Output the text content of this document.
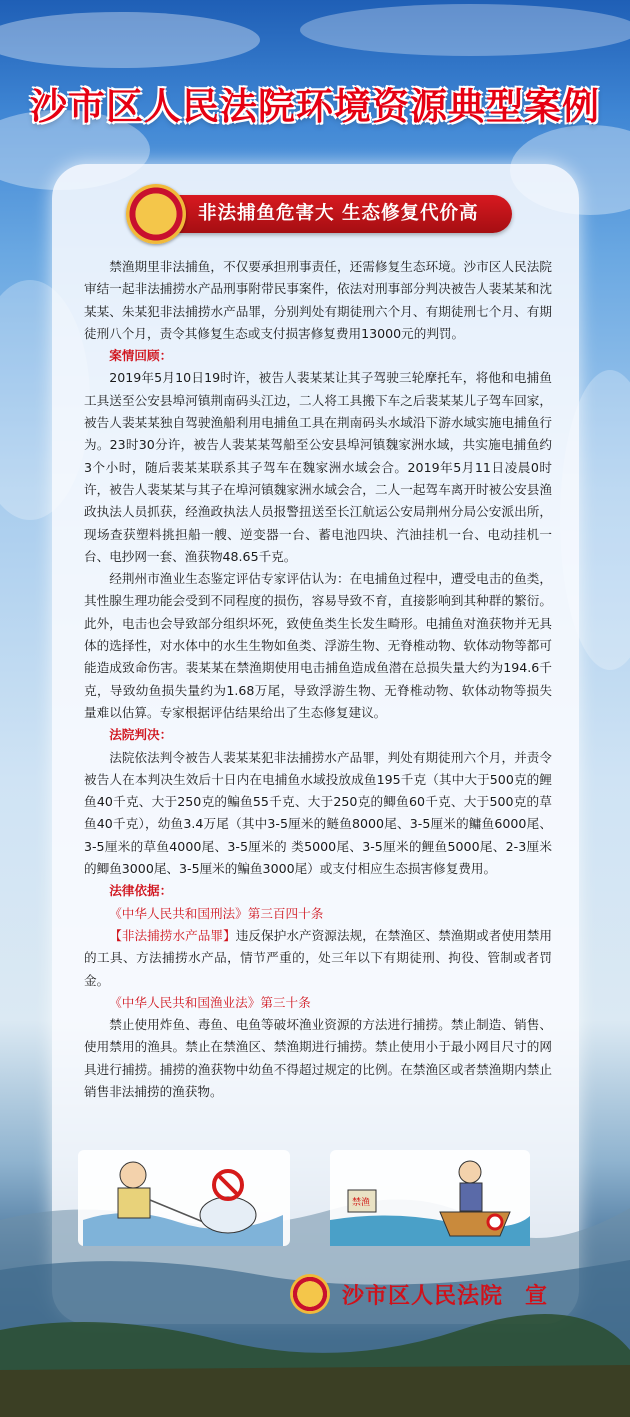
沙市区人民法院环境资源典型案例
非法捕鱼危害大 生态修复代价高

禁渔期里非法捕鱼，不仅要承担刑事责任，还需修复生态环境。沙市区人民法院审结一起非法捕捞水产品刑事附带民事案件，依法对刑事部分判决被告人裴某某和沈某某、朱某犯非法捕捞水产品罪，分别判处有期徒刑六个月、有期徒刑七个月、有期徒刑八个月，责令其修复生态或支付损害修复费用13000元的判罚。

案情回顾：

2019年5月10日19时许，被告人裴某某让其子驾驶三轮摩托车，将他和电捕鱼工具送至公安县埠河镇荆南码头江边，二人将工具搬下车之后裴某某儿子驾车回家，被告人裴某某独自驾驶渔船利用电捕鱼工具在荆南码头水域沿下游水域实施电捕鱼行为。23时30分许，被告人裴某某驾船至公安县埠河镇魏家洲水域，共实施电捕鱼约3个小时，随后裴某某联系其子驾车在魏家洲水域会合。2019年5月11日凌晨0时许，被告人裴某某与其子在埠河镇魏家洲水域会合，二人一起驾车离开时被公安县渔政执法人员抓获，经渔政执法人员报警扭送至长江航运公安局荆州分局公安派出所，现场查获塑料挑担船一艘、逆变器一台、蓄电池四块、汽油挂机一台、电动挂机一台、电抄网一套、渔获物48.65千克。

经荆州市渔业生态鉴定评估专家评估认为：在电捕鱼过程中，遭受电击的鱼类，其性腺生理功能会受到不同程度的损伤，容易导致不育，直接影响到其种群的繁衍。此外，电击也会导致部分组织坏死，致使鱼类生长发生畸形。电捕鱼对渔获物并无具体的选择性，对水体中的水生生物如鱼类、浮游生物、无脊椎动物、软体动物等都可能造成致命伤害。裴某某在禁渔期使用电击捕鱼造成鱼潜在总损失量大约为194.6千克，导致幼鱼损失量约为1.68万尾，导致浮游生物、无脊椎动物、软体动物等损失量难以估算。专家根据评估结果给出了生态修复建议。

法院判决：

法院依法判令被告人裴某某犯非法捕捞水产品罪，判处有期徒刑六个月，并责令被告人在本判决生效后十日内在电捕鱼水域投放成鱼195千克（其中大于500克的鲤鱼40千克、大于250克的鳊鱼55千克、大于250克的鲫鱼60千克、大于500克的草鱼40千克），幼鱼3.4万尾（其中3-5厘米的鲢鱼8000尾、3-5厘米的鳙鱼6000尾、3-5厘米的草鱼4000尾、3-5厘米的 类5000尾、3-5厘米的鲤鱼5000尾、2-3厘米的鲫鱼3000尾、3-5厘米的鳊鱼3000尾）或支付相应生态损害修复费用。

法律依据：
《中华人民共和国刑法》第三百四十条

【非法捕捞水产品罪】违反保护水产资源法规，在禁渔区、禁渔期或者使用禁用的工具、方法捕捞水产品，情节严重的，处三年以下有期徒刑、拘役、管制或者罚金。

《中华人民共和国渔业法》第三十条

禁止使用炸鱼、毒鱼、电鱼等破坏渔业资源的方法进行捕捞。禁止制造、销售、使用禁用的渔具。禁止在禁渔区、禁渔期进行捕捞。禁止使用小于最小网目尺寸的网具进行捕捞。捕捞的渔获物中幼鱼不得超过规定的比例。在禁渔区或者禁渔期内禁止销售非法捕捞的渔获物。

禁渔
沙市区人民法院 宣
